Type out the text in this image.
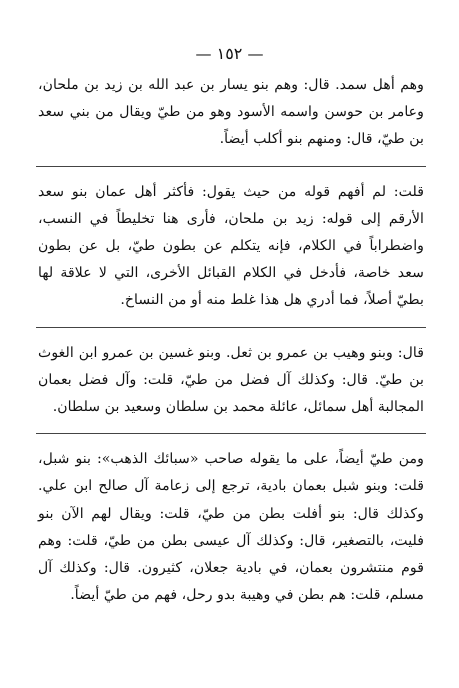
— ١٥٢ —

وهم أهل سمد. قال: وهم بنو يسار بن عبد الله بن زيد بن ملحان، وعامر بن حوسن واسمه الأسود وهو من طيّ ويقال من بني سعد بن طيّ، قال: ومنهم بنو أكلب أيضاً.

قلت: لم أفهم قوله من حيث يقول: فأكثر أهل عمان بنو سعد الأرقم إلى قوله: زيد بن ملحان، فأرى هنا تخليطاً في النسب، واضطراباً في الكلام، فإنه يتكلم عن بطون طيّ، بل عن بطون سعد خاصة، فأدخل في الكلام القبائل الأخرى، التي لا علاقة لها بطيّ أصلاً، فما أدري هل هذا غلط منه أو من النساخ.

قال: وبنو وهيب بن عمرو بن ثعل. وبنو غسين بن عمرو ابن الغوث بن طيّ. قال: وكذلك آل فضل من طيّ، قلت: وآل فضل بعمان المجالبة أهل سمائل، عائلة محمد بن سلطان وسعيد بن سلطان.

ومن طيّ أيضاً، على ما يقوله صاحب «سبائك الذهب»: بنو شبل، قلت: وبنو شبل بعمان بادية، ترجع إلى زعامة آل صالح ابن علي. وكذلك قال: بنو أفلت بطن من طيّ، قلت: ويقال لهم الآن بنو فليت، بالتصغير، قال: وكذلك آل عيسى بطن من طيّ، قلت: وهم قوم منتشرون بعمان، في بادية جعلان، كثيرون. قال: وكذلك آل مسلم، قلت: هم بطن في وهيبة بدو رحل، فهم من طيّ أيضاً.
